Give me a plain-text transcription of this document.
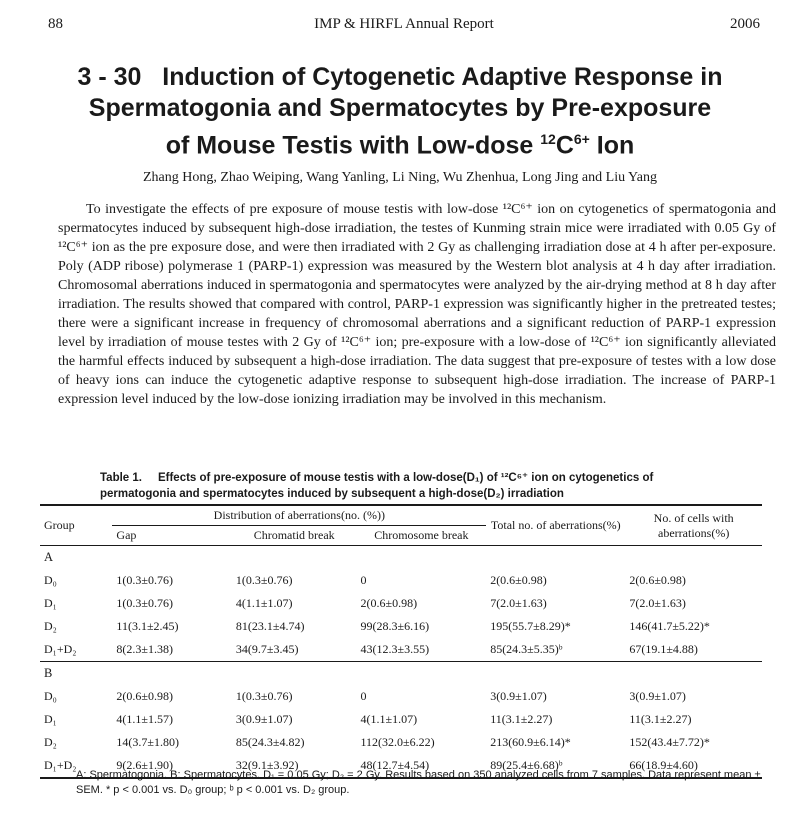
88	IMP & HIRFL Annual Report	2006
3 - 30   Induction of Cytogenetic Adaptive Response in
Spermatogonia and Spermatocytes by Pre-exposure
of Mouse Testis with Low-dose $^{12}C^{6+}$ Ion
Zhang Hong, Zhao Weiping, Wang Yanling, Li Ning, Wu Zhenhua, Long Jing and Liu Yang
To investigate the effects of pre exposure of mouse testis with low-dose ¹²C⁶⁺ ion on cytogenetics of spermatogonia and spermatocytes induced by subsequent high-dose irradiation, the testes of Kunming strain mice were irradiated with 0.05 Gy of ¹²C⁶⁺ ion as the pre exposure dose, and were then irradiated with 2 Gy as challenging irradiation dose at 4 h after per-exposure. Poly (ADP ribose) polymerase 1 (PARP-1) expression was measured by the Western blot analysis at 4 h day after irradiation. Chromosomal aberrations induced in spermatogonia and spermatocytes were analyzed by the air-drying method at 8 h day after irradiation. The results showed that compared with control, PARP-1 expression was significantly higher in the pretreated testes; there were a significant increase in frequency of chromosomal aberrations and a significant reduction of PARP-1 expression level by irradiation of mouse testes with 2 Gy of ¹²C⁶⁺ ion; pre-exposure with a low-dose of ¹²C⁶⁺ ion significantly alleviated the harmful effects induced by subsequent a high-dose irradiation. The data suggest that pre-exposure of testes with a low dose of heavy ions can induce the cytogenetic adaptive response to subsequent high-dose irradiation. The increase of PARP-1 expression level induced by the low-dose ionizing irradiation may be involved in this mechanism.
Table 1. Effects of pre-exposure of mouse testis with a low-dose(D₁) of ¹²C⁶⁺ ion on cytogenetics of permatogonia and spermatocytes induced by subsequent a high-dose(D₂) irradiation
Group	Distribution of aberrations(no. (%))			Total no. of aberrations(%)	No. of cells with aberrations(%)
	Gap	Chromatid break	Chromosome break		
A					
D₀	1(0.3±0.76)	1(0.3±0.76)	0	2(0.6±0.98)	2(0.6±0.98)
D₁	1(0.3±0.76)	4(1.1±1.07)	2(0.6±0.98)	7(2.0±1.63)	7(2.0±1.63)
D₂	11(3.1±2.45)	81(23.1±4.74)	99(28.3±6.16)	195(55.7±8.29)*	146(41.7±5.22)*
D₁+D₂	8(2.3±1.38)	34(9.7±3.45)	43(12.3±3.55)	85(24.3±5.35)ᵇ	67(19.1±4.88)
B					
D₀	2(0.6±0.98)	1(0.3±0.76)	0	3(0.9±1.07)	3(0.9±1.07)
D₁	4(1.1±1.57)	3(0.9±1.07)	4(1.1±1.07)	11(3.1±2.27)	11(3.1±2.27)
D₂	14(3.7±1.80)	85(24.3±4.82)	112(32.0±6.22)	213(60.9±6.14)*	152(43.4±7.72)*
D₁+D₂	9(2.6±1.90)	32(9.1±3.92)	48(12.7±4.54)	89(25.4±6.68)ᵇ	66(18.9±4.60)
A: Spermatogonia. B: Spermatocytes. D₁ = 0.05 Gy; D₂ = 2 Gy. Results based on 350 analyzed cells from 7 samples. Data represent mean ± SEM. * p < 0.001 vs. D₀ group; ᵇ p < 0.001 vs. D₂ group.
